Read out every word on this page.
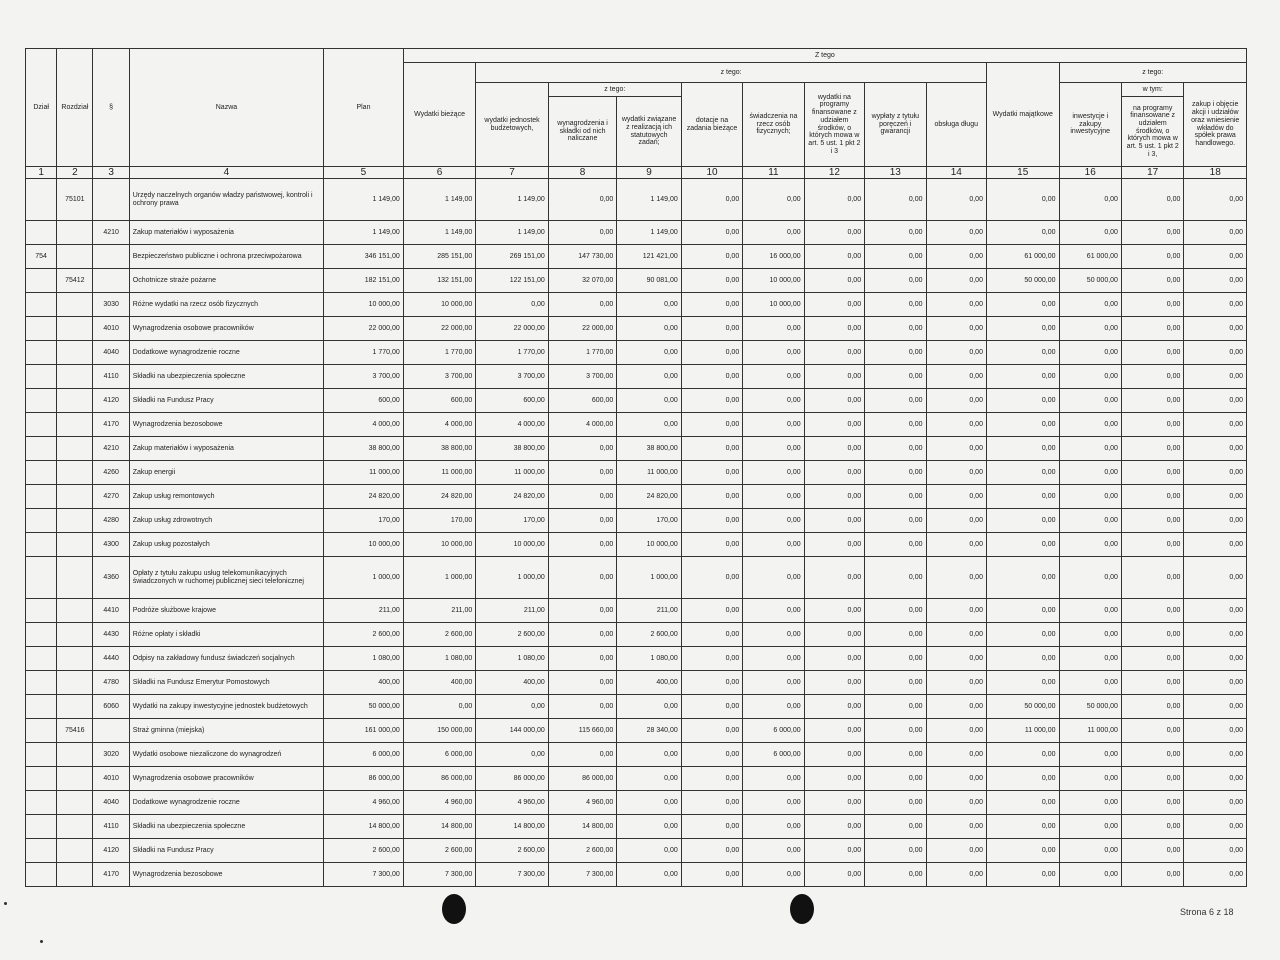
Dział	Rozdział	§	Nazwa	Plan	Z tego												
					Wydatki bieżące	z tego:								Wydatki majątkowe	z tego:		
						wydatki jednostek budżetowych,	z tego:		dotacje na zadania bieżące	świadczenia na rzecz osób fizycznych;	wydatki na programy finansowane z udziałem środków, o których mowa w art. 5 ust. 1 pkt 2 i 3	wypłaty z tytułu poręczeń i gwarancji	obsługa długu		inwestycje i zakupy inwestycyjne	w tym:	zakup i objęcie akcji i udziałów oraz wniesienie wkładów do spółek prawa handlowego.
							wynagrodzenia i składki od nich naliczane	wydatki związane z realizacją ich statutowych zadań;								na programy finansowane z udziałem środków, o których mowa w art. 5 ust. 1 pkt 2 i 3,	
1	2	3	4	5	6	7	8	9	10	11	12	13	14	15	16	17	18
	75101		Urzędy naczelnych organów władzy państwowej, kontroli i ochrony prawa	1 149,00	1 149,00	1 149,00	0,00	1 149,00	0,00	0,00	0,00	0,00	0,00	0,00	0,00	0,00	0,00
		4210	Zakup materiałów i wyposażenia	1 149,00	1 149,00	1 149,00	0,00	1 149,00	0,00	0,00	0,00	0,00	0,00	0,00	0,00	0,00	0,00
754			Bezpieczeństwo publiczne i ochrona przeciwpożarowa	346 151,00	285 151,00	269 151,00	147 730,00	121 421,00	0,00	16 000,00	0,00	0,00	0,00	61 000,00	61 000,00	0,00	0,00
	75412		Ochotnicze straże pożarne	182 151,00	132 151,00	122 151,00	32 070,00	90 081,00	0,00	10 000,00	0,00	0,00	0,00	50 000,00	50 000,00	0,00	0,00
		3030	Różne wydatki na rzecz osób fizycznych	10 000,00	10 000,00	0,00	0,00	0,00	0,00	10 000,00	0,00	0,00	0,00	0,00	0,00	0,00	0,00
		4010	Wynagrodzenia osobowe pracowników	22 000,00	22 000,00	22 000,00	22 000,00	0,00	0,00	0,00	0,00	0,00	0,00	0,00	0,00	0,00	0,00
		4040	Dodatkowe wynagrodzenie roczne	1 770,00	1 770,00	1 770,00	1 770,00	0,00	0,00	0,00	0,00	0,00	0,00	0,00	0,00	0,00	0,00
		4110	Składki na ubezpieczenia społeczne	3 700,00	3 700,00	3 700,00	3 700,00	0,00	0,00	0,00	0,00	0,00	0,00	0,00	0,00	0,00	0,00
		4120	Składki na Fundusz Pracy	600,00	600,00	600,00	600,00	0,00	0,00	0,00	0,00	0,00	0,00	0,00	0,00	0,00	0,00
		4170	Wynagrodzenia bezosobowe	4 000,00	4 000,00	4 000,00	4 000,00	0,00	0,00	0,00	0,00	0,00	0,00	0,00	0,00	0,00	0,00
		4210	Zakup materiałów i wyposażenia	38 800,00	38 800,00	38 800,00	0,00	38 800,00	0,00	0,00	0,00	0,00	0,00	0,00	0,00	0,00	0,00
		4260	Zakup energii	11 000,00	11 000,00	11 000,00	0,00	11 000,00	0,00	0,00	0,00	0,00	0,00	0,00	0,00	0,00	0,00
		4270	Zakup usług remontowych	24 820,00	24 820,00	24 820,00	0,00	24 820,00	0,00	0,00	0,00	0,00	0,00	0,00	0,00	0,00	0,00
		4280	Zakup usług zdrowotnych	170,00	170,00	170,00	0,00	170,00	0,00	0,00	0,00	0,00	0,00	0,00	0,00	0,00	0,00
		4300	Zakup usług pozostałych	10 000,00	10 000,00	10 000,00	0,00	10 000,00	0,00	0,00	0,00	0,00	0,00	0,00	0,00	0,00	0,00
		4360	Opłaty z tytułu zakupu usług telekomunikacyjnych świadczonych w ruchomej publicznej sieci telefonicznej	1 000,00	1 000,00	1 000,00	0,00	1 000,00	0,00	0,00	0,00	0,00	0,00	0,00	0,00	0,00	0,00
		4410	Podróże służbowe krajowe	211,00	211,00	211,00	0,00	211,00	0,00	0,00	0,00	0,00	0,00	0,00	0,00	0,00	0,00
		4430	Różne opłaty i składki	2 600,00	2 600,00	2 600,00	0,00	2 600,00	0,00	0,00	0,00	0,00	0,00	0,00	0,00	0,00	0,00
		4440	Odpisy na zakładowy fundusz świadczeń socjalnych	1 080,00	1 080,00	1 080,00	0,00	1 080,00	0,00	0,00	0,00	0,00	0,00	0,00	0,00	0,00	0,00
		4780	Składki na Fundusz Emerytur Pomostowych	400,00	400,00	400,00	0,00	400,00	0,00	0,00	0,00	0,00	0,00	0,00	0,00	0,00	0,00
		6060	Wydatki na zakupy inwestycyjne jednostek budżetowych	50 000,00	0,00	0,00	0,00	0,00	0,00	0,00	0,00	0,00	0,00	50 000,00	50 000,00	0,00	0,00
	75416		Straż gminna (miejska)	161 000,00	150 000,00	144 000,00	115 660,00	28 340,00	0,00	6 000,00	0,00	0,00	0,00	11 000,00	11 000,00	0,00	0,00
		3020	Wydatki osobowe niezaliczone do wynagrodzeń	6 000,00	6 000,00	0,00	0,00	0,00	0,00	6 000,00	0,00	0,00	0,00	0,00	0,00	0,00	0,00
		4010	Wynagrodzenia osobowe pracowników	86 000,00	86 000,00	86 000,00	86 000,00	0,00	0,00	0,00	0,00	0,00	0,00	0,00	0,00	0,00	0,00
		4040	Dodatkowe wynagrodzenie roczne	4 960,00	4 960,00	4 960,00	4 960,00	0,00	0,00	0,00	0,00	0,00	0,00	0,00	0,00	0,00	0,00
		4110	Składki na ubezpieczenia społeczne	14 800,00	14 800,00	14 800,00	14 800,00	0,00	0,00	0,00	0,00	0,00	0,00	0,00	0,00	0,00	0,00
		4120	Składki na Fundusz Pracy	2 600,00	2 600,00	2 600,00	2 600,00	0,00	0,00	0,00	0,00	0,00	0,00	0,00	0,00	0,00	0,00
		4170	Wynagrodzenia bezosobowe	7 300,00	7 300,00	7 300,00	7 300,00	0,00	0,00	0,00	0,00	0,00	0,00	0,00	0,00	0,00	0,00
Strona 6 z 18
